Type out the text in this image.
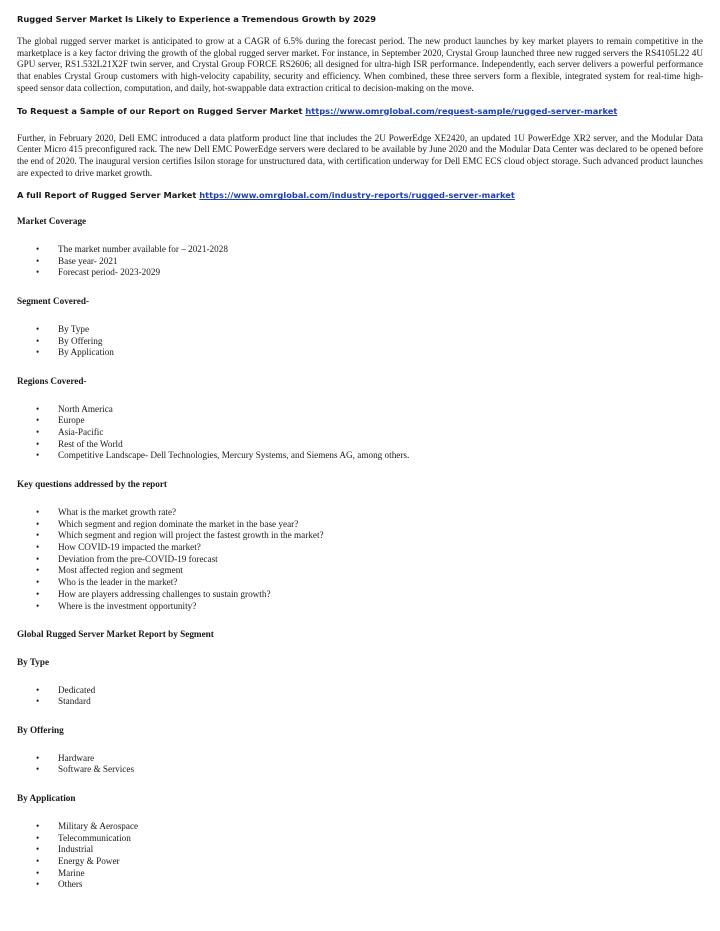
Rugged Server Market Is Likely to Experience a Tremendous Growth by 2029

The global rugged server market is anticipated to grow at a CAGR of 6.5% during the forecast period. The new product launches by key market players to remain competitive in the marketplace is a key factor driving the growth of the global rugged server market. For instance, in September 2020, Crystal Group launched three new rugged servers the RS4105L22 4U GPU server, RS1.532L21X2F twin server, and Crystal Group FORCE RS2606; all designed for ultra-high ISR performance. Independently, each server delivers a powerful performance that enables Crystal Group customers with high-velocity capability, security and efficiency. When combined, these three servers form a flexible, integrated system for real-time high-speed sensor data collection, computation, and daily, hot-swappable data extraction critical to decision-making on the move.

To Request a Sample of our Report on Rugged Server Market https://www.omrglobal.com/request-sample/rugged-server-market

Further, in February 2020, Dell EMC introduced a data platform product line that includes the 2U PowerEdge XE2420, an updated 1U PowerEdge XR2 server, and the Modular Data Center Micro 415 preconfigured rack. The new Dell EMC PowerEdge servers were declared to be available by June 2020 and the Modular Data Center was declared to be opened before the end of 2020. The inaugural version certifies Isilon storage for unstructured data, with certification underway for Dell EMC ECS cloud object storage. Such advanced product launches are expected to drive market growth.

A full Report of Rugged Server Market https://www.omrglobal.com/industry-reports/rugged-server-market

Market Coverage

• The market number available for – 2021-2028
• Base year- 2021
• Forecast period- 2023-2029

Segment Covered-

• By Type
• By Offering
• By Application

Regions Covered-

• North America
• Europe
• Asia-Pacific
• Rest of the World
• Competitive Landscape- Dell Technologies, Mercury Systems, and Siemens AG, among others.

Key questions addressed by the report

• What is the market growth rate?
• Which segment and region dominate the market in the base year?
• Which segment and region will project the fastest growth in the market?
• How COVID-19 impacted the market?
• Deviation from the pre-COVID-19 forecast
• Most affected region and segment
• Who is the leader in the market?
• How are players addressing challenges to sustain growth?
• Where is the investment opportunity?

Global Rugged Server Market Report by Segment

By Type

• Dedicated
• Standard

By Offering

• Hardware
• Software & Services

By Application

• Military & Aerospace
• Telecommunication
• Industrial
• Energy & Power
• Marine
• Others
